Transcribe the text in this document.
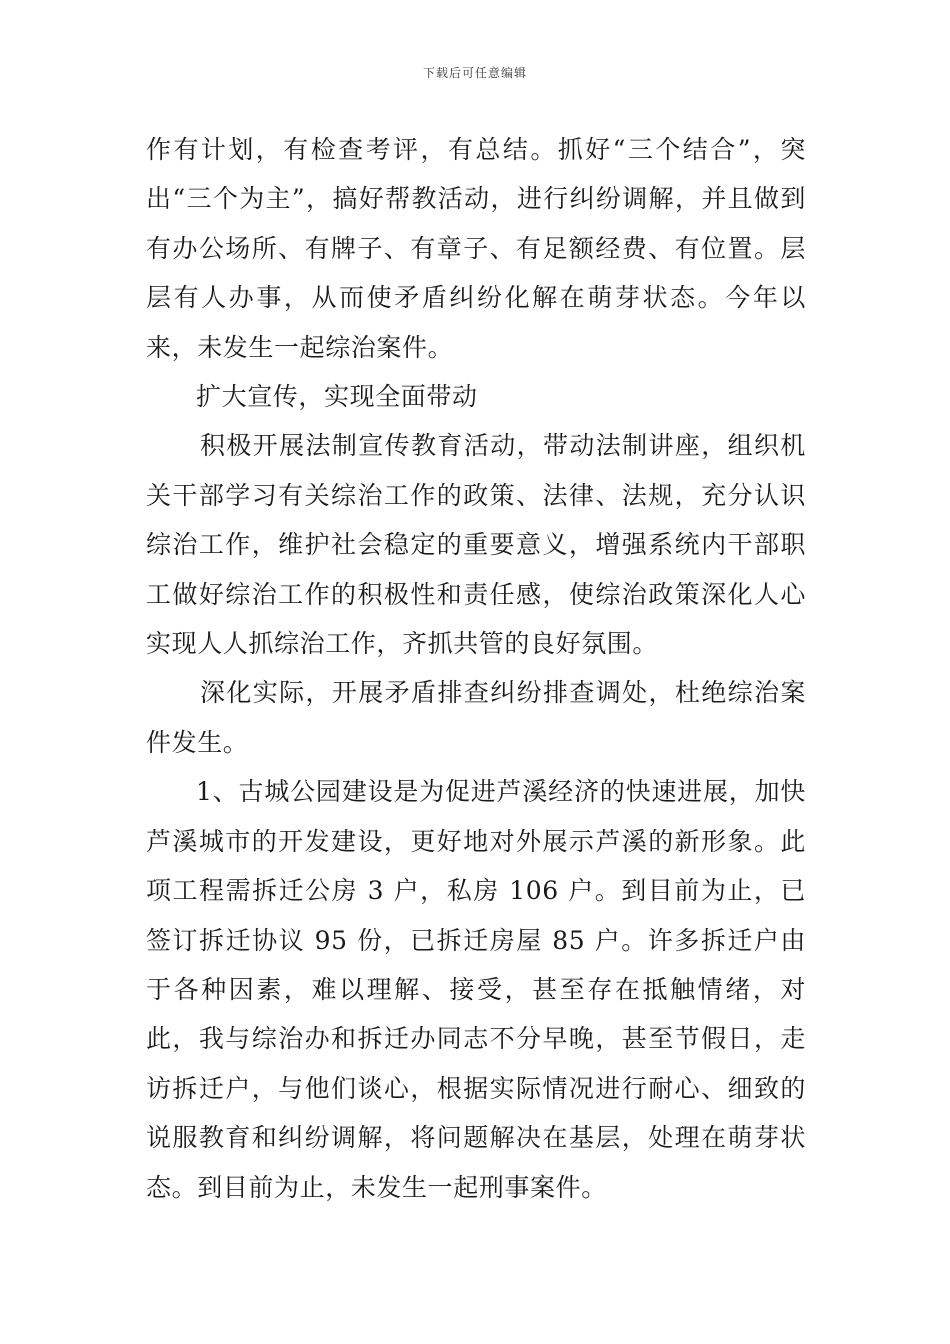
下载后可任意编辑

作有计划，有检查考评，有总结。抓好“三个结合”，突出“三个为主”，搞好帮教活动，进行纠纷调解，并且做到有办公场所、有牌子、有章子、有足额经费、有位置。层层有人办事，从而使矛盾纠纷化解在萌芽状态。今年以来，未发生一起综治案件。

扩大宣传，实现全面带动

积极开展法制宣传教育活动，带动法制讲座，组织机关干部学习有关综治工作的政策、法律、法规，充分认识综治工作，维护社会稳定的重要意义，增强系统内干部职工做好综治工作的积极性和责任感，使综治政策深化人心实现人人抓综治工作，齐抓共管的良好氛围。

深化实际，开展矛盾排查纠纷排查调处，杜绝综治案件发生。

1、古城公园建设是为促进芦溪经济的快速进展，加快芦溪城市的开发建设，更好地对外展示芦溪的新形象。此项工程需拆迁公房 3 户，私房 106 户。到目前为止，已签订拆迁协议 95 份，已拆迁房屋 85 户。许多拆迁户由于各种因素，难以理解、接受，甚至存在抵触情绪，对此，我与综治办和拆迁办同志不分早晚，甚至节假日，走访拆迁户，与他们谈心，根据实际情况进行耐心、细致的说服教育和纠纷调解，将问题解决在基层，处理在萌芽状态。到目前为止，未发生一起刑事案件。
